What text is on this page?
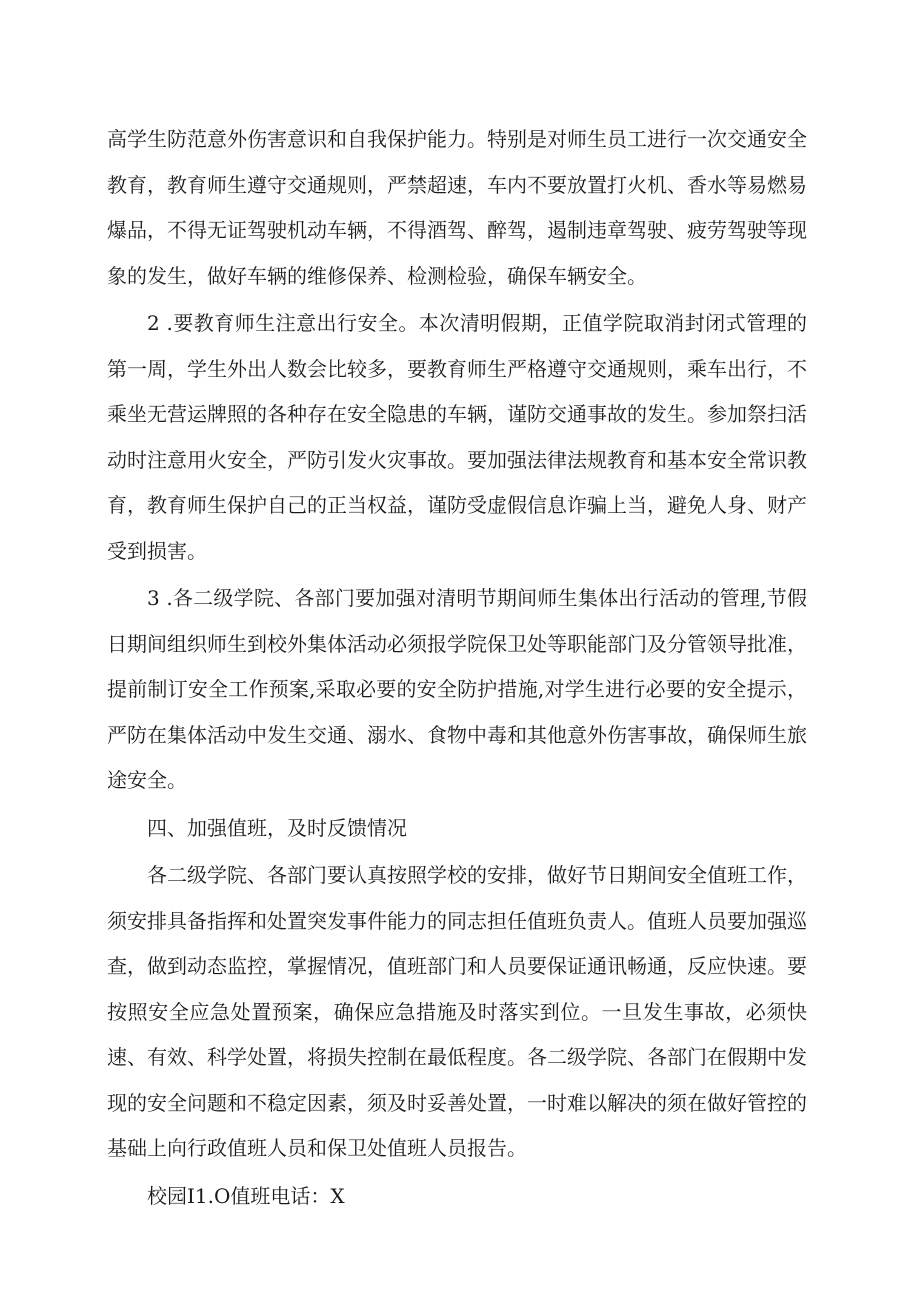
高学生防范意外伤害意识和自我保护能力。特别是对师生员工进行一次交通安全教育，教育师生遵守交通规则，严禁超速，车内不要放置打火机、香水等易燃易爆品，不得无证驾驶机动车辆，不得酒驾、醉驾，遏制违章驾驶、疲劳驾驶等现象的发生，做好车辆的维修保养、检测检验，确保车辆安全。

2 .要教育师生注意出行安全。本次清明假期，正值学院取消封闭式管理的第一周，学生外出人数会比较多，要教育师生严格遵守交通规则，乘车出行，不乘坐无营运牌照的各种存在安全隐患的车辆，谨防交通事故的发生。参加祭扫活动时注意用火安全，严防引发火灾事故。要加强法律法规教育和基本安全常识教育，教育师生保护自己的正当权益，谨防受虚假信息诈骗上当，避免人身、财产受到损害。

3 .各二级学院、各部门要加强对清明节期间师生集体出行活动的管理,节假日期间组织师生到校外集体活动必须报学院保卫处等职能部门及分管领导批准，提前制订安全工作预案,采取必要的安全防护措施,对学生进行必要的安全提示，严防在集体活动中发生交通、溺水、食物中毒和其他意外伤害事故，确保师生旅途安全。

四、加强值班，及时反馈情况

各二级学院、各部门要认真按照学校的安排，做好节日期间安全值班工作，须安排具备指挥和处置突发事件能力的同志担任值班负责人。值班人员要加强巡查，做到动态监控，掌握情况，值班部门和人员要保证通讯畅通，反应快速。要按照安全应急处置预案，确保应急措施及时落实到位。一旦发生事故，必须快速、有效、科学处置，将损失控制在最低程度。各二级学院、各部门在假期中发现的安全问题和不稳定因素，须及时妥善处置，一时难以解决的须在做好管控的基础上向行政值班人员和保卫处值班人员报告。

校园I1.O值班电话：X
